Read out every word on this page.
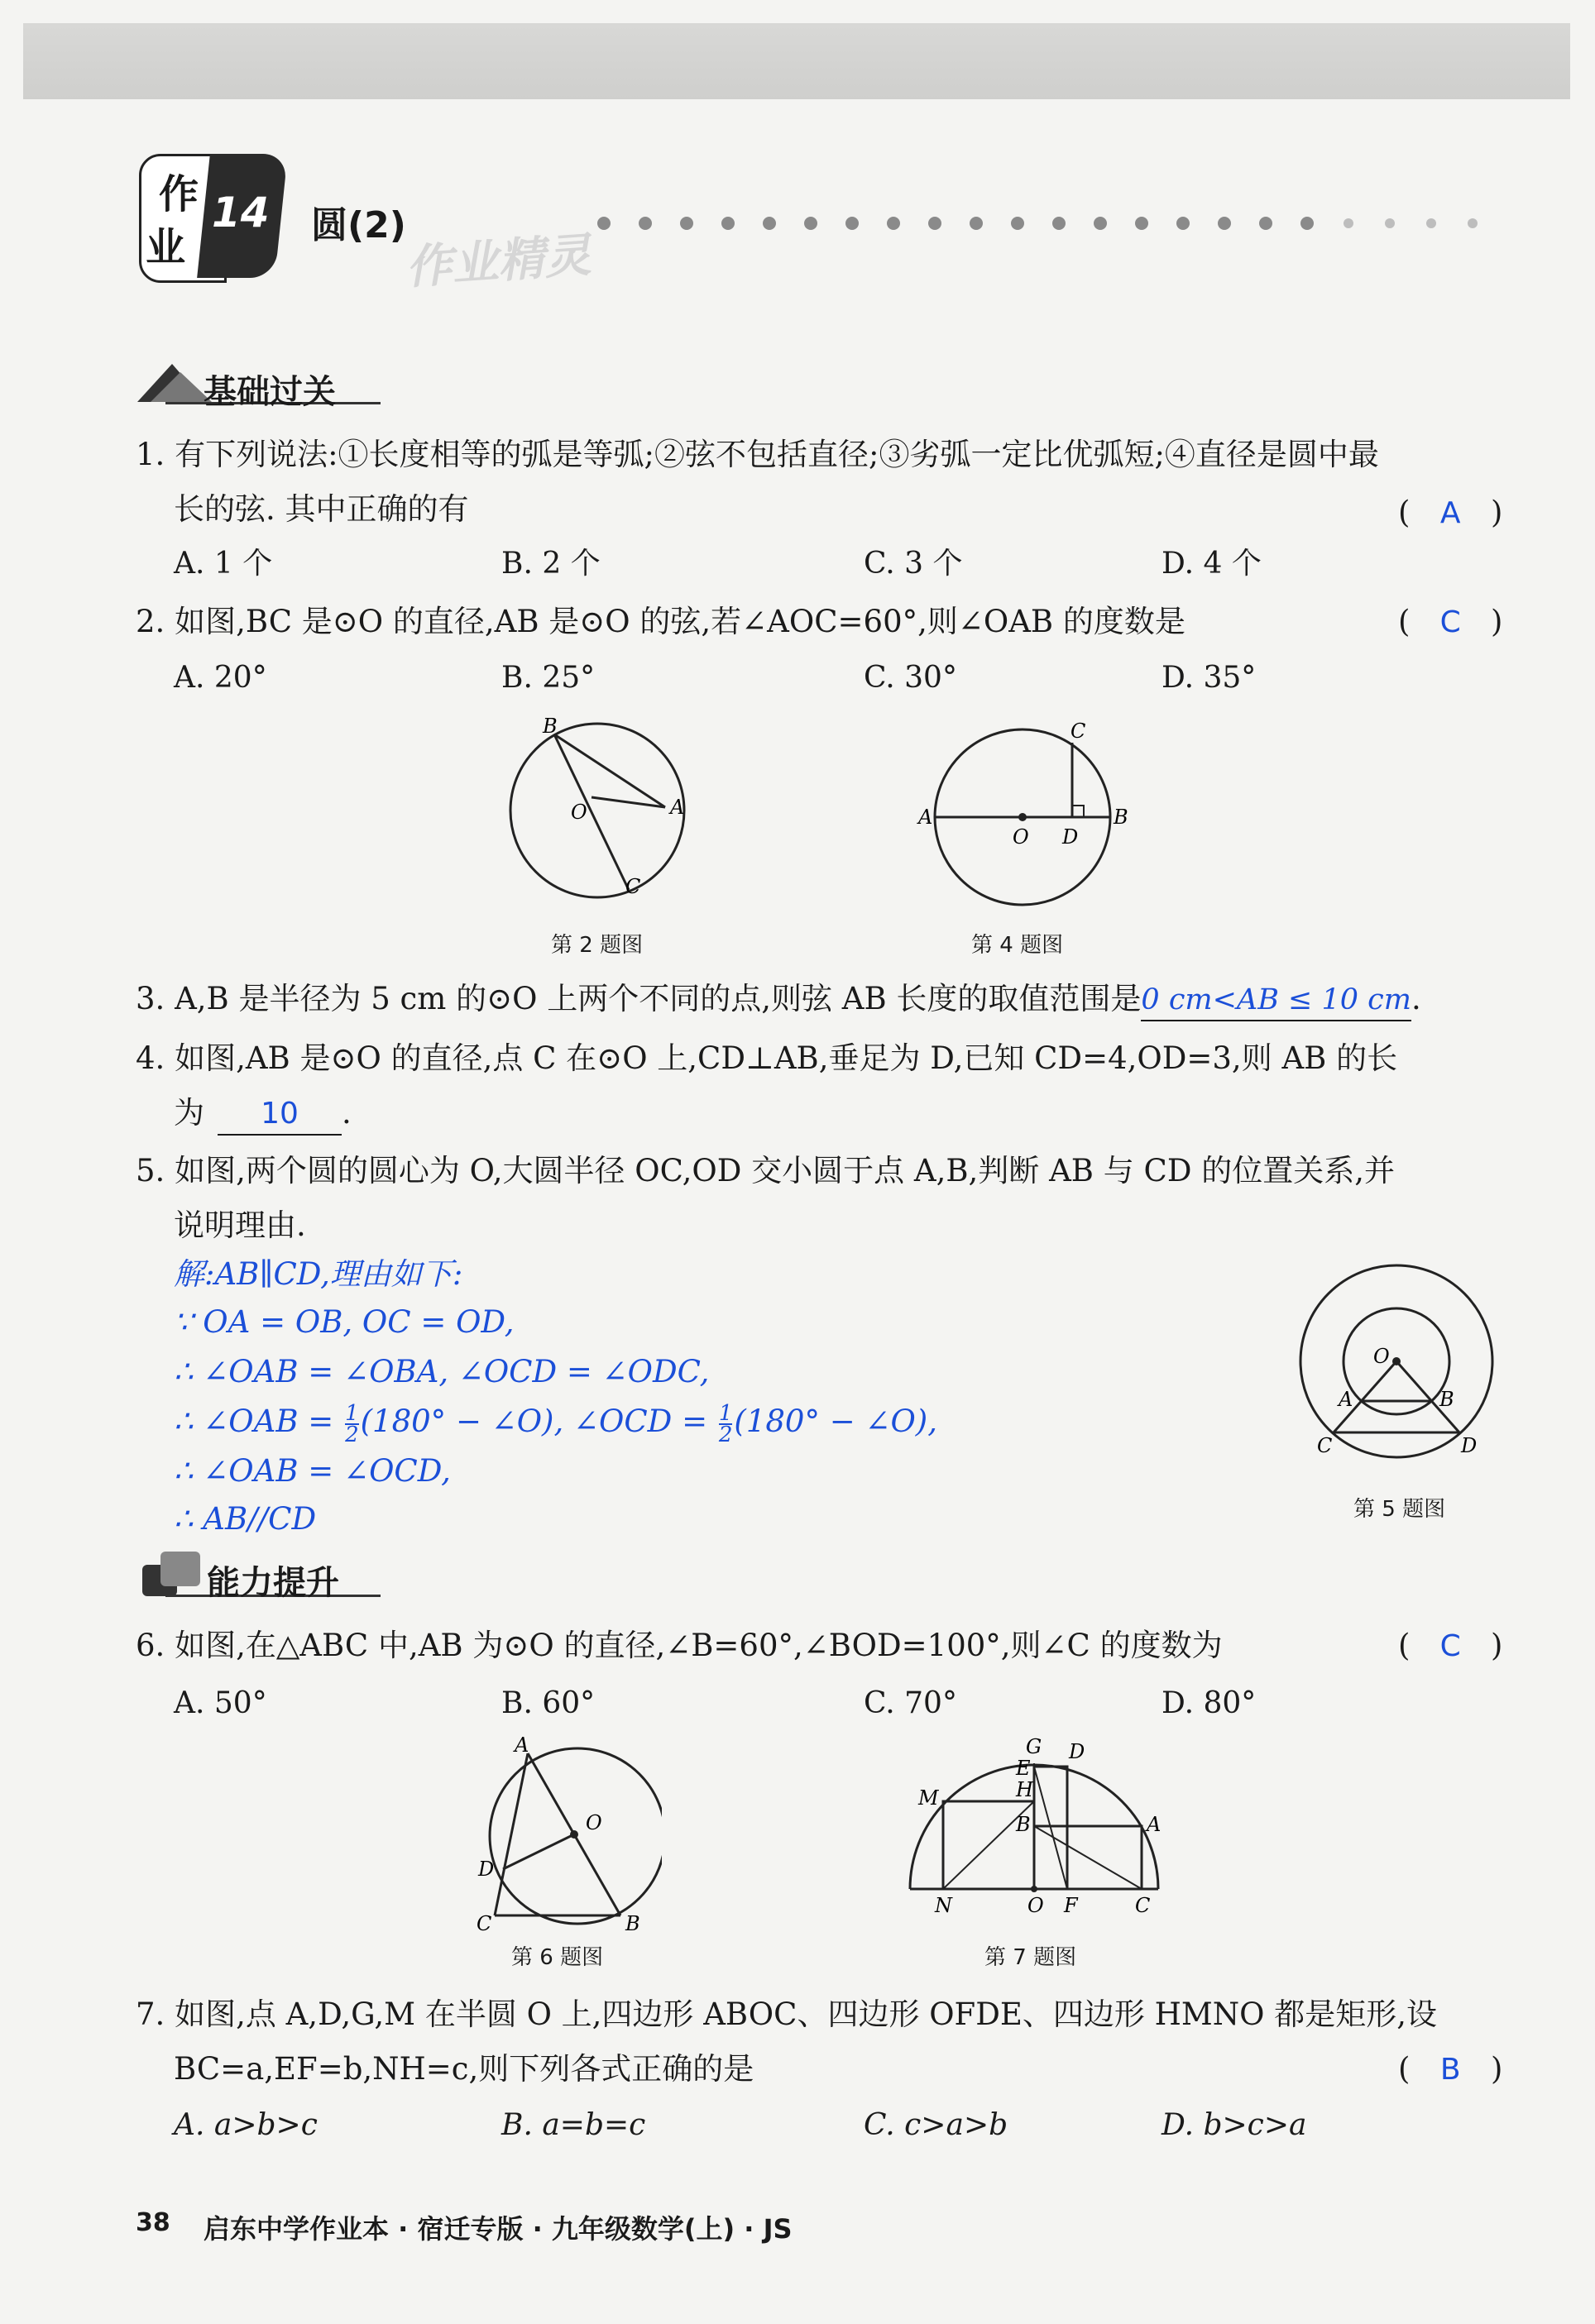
作
业
14 圆(2)
作业精灵
基础过关
1. 有下列说法:①长度相等的弧是等弧;②弦不包括直径;③劣弧一定比优弧短;④直径是圆中最
长的弦. 其中正确的有	( A )
A. 1 个	B. 2 个	C. 3 个	D. 4 个
2. 如图,BC 是⊙O 的直径,AB 是⊙O 的弦,若∠AOC=60°,则∠OAB 的度数是	( C )
A. 20°	B. 25°	C. 30°	D. 35°
B
O	A
C
第 2 题图
C
A
O D
B
第 4 题图
3. A,B 是半径为 5 cm 的⊙O 上两个不同的点,则弦 AB 长度的取值范围是0 cm<AB ≤ 10 cm.
4. 如图,AB 是⊙O 的直径,点 C 在⊙O 上,CD⊥AB,垂足为 D,已知 CD=4,OD=3,则 AB 的长
为 10 .
5. 如图,两个圆的圆心为 O,大圆半径 OC,OD 交小圆于点 A,B,判断 AB 与 CD 的位置关系,并
说明理由.
解:AB∥CD,理由如下:
∵ OA = OB, OC = OD,
∴ ∠OAB = ∠OBA, ∠OCD = ∠ODC,
∴ ∠OAB = $\frac{1}{2} (180^\circ$ − ∠O), ∠OCD = $\frac{1}{2} (180^\circ$ − ∠O),
∴ ∠OAB = ∠OCD,
∴ AB//CD
O
A	B
C	D
第 5 题图
能力提升
6. 如图,在△ABC 中,AB 为⊙O 的直径,∠B=60°,∠BOD=100°,则∠C 的度数为	( C )
A. 50°	B. 60°	C. 70°	D. 80°
A
O
D
C	B
第 6 题图
G D
E
H
M
B	A
N	O F	C
第 7 题图
7. 如图,点 A,D,G,M 在半圆 O 上,四边形 ABOC、四边形 OFDE、四边形 HMNO 都是矩形,设
BC=a,EF=b,NH=c,则下列各式正确的是	( B )
A. a>b>c	B. a=b=c	C. c>a>b	D. b>c>a
38 启东中学作业本 · 宿迁专版 · 九年级数学(上) · JS
